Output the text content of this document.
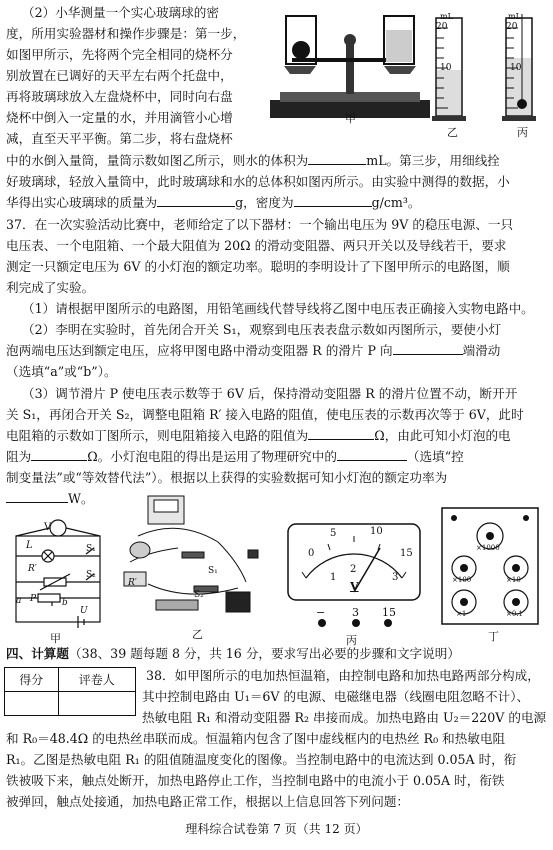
（2）小华测量一个实心玻璃球的密
度，所用实验器材和操作步骤是：第一步，
如图甲所示，先将两个完全相同的烧杯分
别放置在已调好的天平左右两个托盘中，
再将玻璃球放入左盘烧杯中，同时向右盘
烧杯中倒入一定量的水，并用滴管小心增
减，直至天平平衡。第二步，将右盘烧杯
甲
mL
20
10
乙
mL
20
10
丙
中的水倒入量筒，量筒示数如图乙所示，则水的体积为	mL。第三步，用细线拴
好玻璃球，轻放入量筒中，此时玻璃球和水的总体积如图丙所示。由实验中测得的数据，小
华得出实心玻璃球的质量为	g，密度为	g/cm³。
37．在一次实验活动比赛中，老师给定了以下器材：一个输出电压为 9V 的稳压电源、一只
电压表、一个电阻箱、一个最大阻值为 20Ω 的滑动变阻器、两只开关以及导线若干，要求
测定一只额定电压为 6V 的小灯泡的额定功率。聪明的李明设计了下图甲所示的电路图，顺
利完成了实验。
（1）请根据甲图所示的电路图，用铅笔画线代替导线将乙图中电压表正确接入实物电路中。
（2）李明在实验时，首先闭合开关 S₁，观察到电压表表盘示数如丙图所示，要使小灯
泡两端电压达到额定电压，应将甲图电路中滑动变阻器 R 的滑片 P 向	端滑动
（选填“a”或“b”）。
（3）调节滑片 P 使电压表示数等于 6V 后，保持滑动变阻器 R 的滑片位置不动，断开开
关 S₁，再闭合开关 S₂，调整电阻箱 R′ 接入电路的阻值，使电压表的示数再次等于 6V，此时
电阻箱的示数如丁图所示，则电阻箱接入电路的阻值为	Ω，由此可知小灯泡的电
阻为	Ω。小灯泡电阻的得出是运用了物理研究中的	（选填“控
制变量法”或“等效替代法”）。根据以上获得的实验数据可知小灯泡的额定功率为
W。
V
L	S₁
R′
S₂
a P	b
U
甲
R′
S₁
S₂
乙
0
5	10
15
1
2
3
V
− 3 15
丙
×1000
×100	×10
×1	×0.1
丁
四、计算题（38、39 题每题 8 分，共 16 分，要求写出必要的步骤和文字说明）
得分	评卷人
	38．如甲图所示的电加热恒温箱，由控制电路和加热电路两部分构成，
其中控制电路由 U₁＝6V 的电源、电磁继电器（线圈电阻忽略不计）、
热敏电阻 R₁ 和滑动变阻器 R₂ 串接而成。加热电路由 U₂＝220V 的电源
和 R₀＝48.4Ω 的电热丝串联而成。恒温箱内包含了图中虚线框内的电热丝 R₀ 和热敏电阻
R₁。乙图是热敏电阻 R₁ 的阻值随温度变化的图像。当控制电路中的电流达到 0.05A 时，衔
铁被吸下来，触点处断开，加热电路停止工作，当控制电路中的电流小于 0.05A 时，衔铁
被弹回，触点处接通，加热电路正常工作，根据以上信息回答下列问题：
理科综合试卷第 7 页（共 12 页）
